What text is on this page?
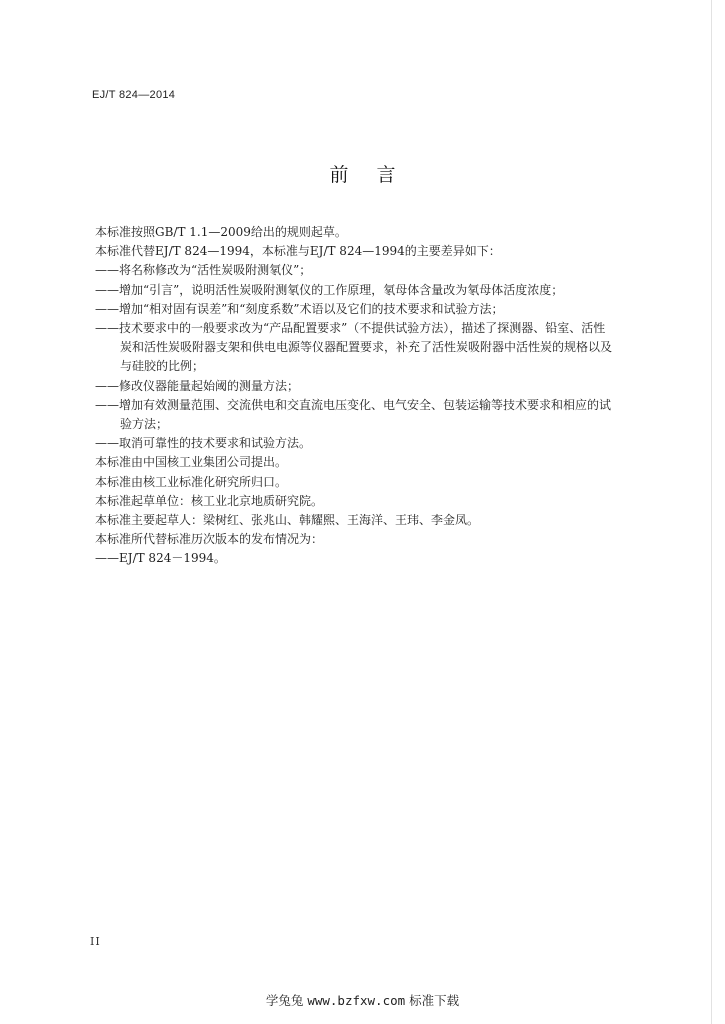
EJ/T 824—2014
前言

本标准按照GB/T 1.1—2009给出的规则起草。

本标准代替EJ/T 824—1994，本标准与EJ/T 824—1994的主要差异如下：

——将名称修改为“活性炭吸附测氡仪”；

——增加“引言”，说明活性炭吸附测氡仪的工作原理，氡母体含量改为氡母体活度浓度；

——增加“相对固有误差”和“刻度系数”术语以及它们的技术要求和试验方法；

——技术要求中的一般要求改为“产品配置要求”（不提供试验方法），描述了探测器、铅室、活性

炭和活性炭吸附器支架和供电电源等仪器配置要求，补充了活性炭吸附器中活性炭的规格以及

与硅胶的比例；

——修改仪器能量起始阈的测量方法；

——增加有效测量范围、交流供电和交直流电压变化、电气安全、包装运输等技术要求和相应的试

验方法；

——取消可靠性的技术要求和试验方法。

本标准由中国核工业集团公司提出。

本标准由核工业标准化研究所归口。

本标准起草单位：核工业北京地质研究院。

本标准主要起草人：梁树红、张兆山、韩耀熙、王海洋、王玮、李金凤。

本标准所代替标准历次版本的发布情况为：

——EJ/T 824－1994。

II
学兔兔 www.bzfxw.com 标准下载
